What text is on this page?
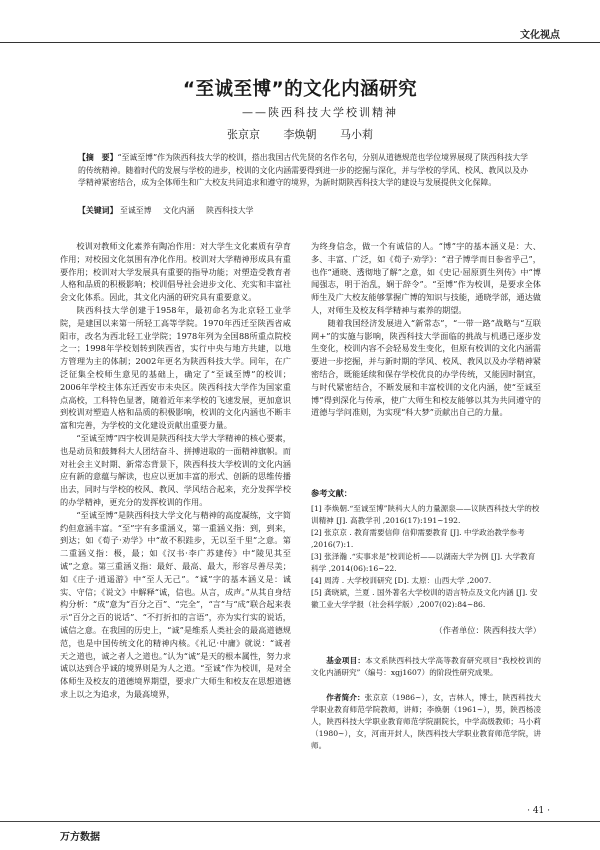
文化视点
“至诚至博”的文化内涵研究
——陕西科技大学校训精神
张京京 李焕朝 马小莉
【摘　要】“至诚至博”作为陕西科技大学的校训，搭出我国古代先贤的名作名句，分别从道德规范也学位境界展现了陕西科技大学的传统精神。随着时代的发展与学校的进步，校训的文化内涵需要得到进一步的挖掘与深化，并与学校的学风、校风、教风以及办学精神紧密结合，成为全体师生和广大校友共同追求和遵守的境界，为新时期陕西科技大学的建设与发展提供文化保障。
【关键词】 至诚至博 文化内涵 陕西科技大学

校训对教师文化素养有陶冶作用：对大学生文化素质有孕育作用；对校园文化氛围有净化作用。校训对大学精神形成具有重要作用；校训对大学发展具有重要的指导功能；对塑造受教育者人格和品质的积极影响；校训倡导社会进步文化、充实和丰富社会文化体系。因此，其文化内涵的研究具有重要意义。

陕西科技大学创建于1958年，最初命名为北京轻工业学院，是建国以来第一所轻工高等学院。1970年西迁至陕西省咸阳市，改名为西北轻工业学院；1978年列为全国88所重点院校之一；1998年学校划转到陕西省，实行中央与地方共建，以地方管理为主的体制；2002年更名为陕西科技大学。同年，在广泛征集全校师生意见的基础上，确定了“至诚至博”的校训；2006年学校主体东迁西安市未央区。陕西科技大学作为国家重点高校，工科特色显著，随着近年来学校的飞速发展，更加意识到校训对塑造人格和品质的积极影响，校训的文化内涵也不断丰富和完善，为学校的文化建设贡献出重要力量。

“至诚至博”四字校训是陕西科技大学大学精神的核心要素，也是动员和鼓舞科大人团结奋斗、拼搏进取的一面精神旗帜。而对社会主义时期、新常态背景下，陕西科技大学校训的文化内涵应有新的意蕴与解读，也应以更加丰富的形式、创新的思维传播出去，同时与学校的校风、教风、学风结合起来，充分发挥学校的办学精神，更充分的发挥校训的作用。

“至诚至博”是陕西科技大学文化与精神的高度凝练，文字简约但意涵丰富。“至”字有多重涵义，第一重涵义指：到，到来，到达；如《荀子·劝学》中“故不积跬步，无以至千里”之意。第二重涵义指：极，最；如《汉书·李广苏建传》中“陵见其至诚”之意。第三重涵义指：最好、最高、最大，形容尽善尽美；如《庄子·逍遥游》中“至人无己”。“诚”字的基本涵义是：诚实、守信；《说文》中解释“诚，信也。从言，成声。”从其自身结构分析：“成”意为“百分之百”、“完全”，“言”与“成”联合起来表示“百分之百的说话”、“不打折扣的言语”，亦为实行实的说话，诚信之意。在我国的历史上，“诚”是维系人类社会的最高道德规范，也是中国传统文化的精神内核。《礼记·中庸》就说：“诚者天之道也，诚之者人之道也。”认为“诚”是天的根本属性，努力求诚以达到合乎诚的境界则是为人之道。“至诚”作为校训，是对全体师生及校友的道德境界期望，要求广大师生和校友在思想道德求上以之为追求，为最高境界，

为终身信念，做一个有诚信的人。“博”字的基本涵义是：大、多、丰富、广泛，如《荀子·劝学》：“君子博学而日参省乎己”，也作“通晓、透彻地了解”之意，如《史记·屈原贾生列传》中“博闻强志，明于治乱，娴于辞令”。“至博”作为校训，是要求全体师生及广大校友能够掌握广博的知识与技能，通晓学部，通达做人，对师生及校友科学精神与素养的期望。

随着我国经济发展进入“新常态”，“一带一路”战略与“互联网+”的实施与影响，陕西科技大学面临的挑战与机遇已逐步发生变化，校训内容不会轻易发生变化，但原有校训的文化内涵需要进一步挖掘，并与新时期的学风、校风、教风以及办学精神紧密结合，既能延续和保存学校优良的办学传统，又能因时制宜，与时代紧密结合，不断发展和丰富校训的文化内涵，使“至诚至博”得到深化与传承，使广大师生和校友能够以其为共同遵守的道德与学问准则，为实现“科大梦”贡献出自己的力量。

参考文献：
[1] 李焕朝.“至诚至博”陕科大人的力量源泉——议陕西科技大学的校训精神 [J]. 高教学刊 ,2016(17):191~192.
[2] 张京京 . 教育需要信仰 信仰需要教育 [J]. 中学政治教学参考 ,2016(7):1.
[3] 张泽瀚 .“实事求是”校训论析——以湖南大学为例 [J]. 大学教育科学 ,2014(06):16~22.
[4] 周涛 . 大学校训研究 [D]. 太原：山西大学 ,2007.
[5] 龚晓斌，兰夏 . 国外著名大学校训的语言特点及文化内涵 [J]. 安徽工业大学学报（社会科学版）,2007(02):84~86.
（作者单位：陕西科技大学）
基金项目：本文系陕西科技大学高等教育研究项目“我校校训的文化内涵研究”（编号：xgj1607）的阶段性研究成果。
作者简介：张京京（1986~），女，吉林人，博士，陕西科技大学职业教育师范学院教师，讲师；李焕朝（1961~），男，陕西杨凌人，陕西科技大学职业教育师范学院副院长，中学高级教师；马小莉（1980~），女，河南开封人，陕西科技大学职业教育师范学院，讲师。
· 41 ·
万方数据
